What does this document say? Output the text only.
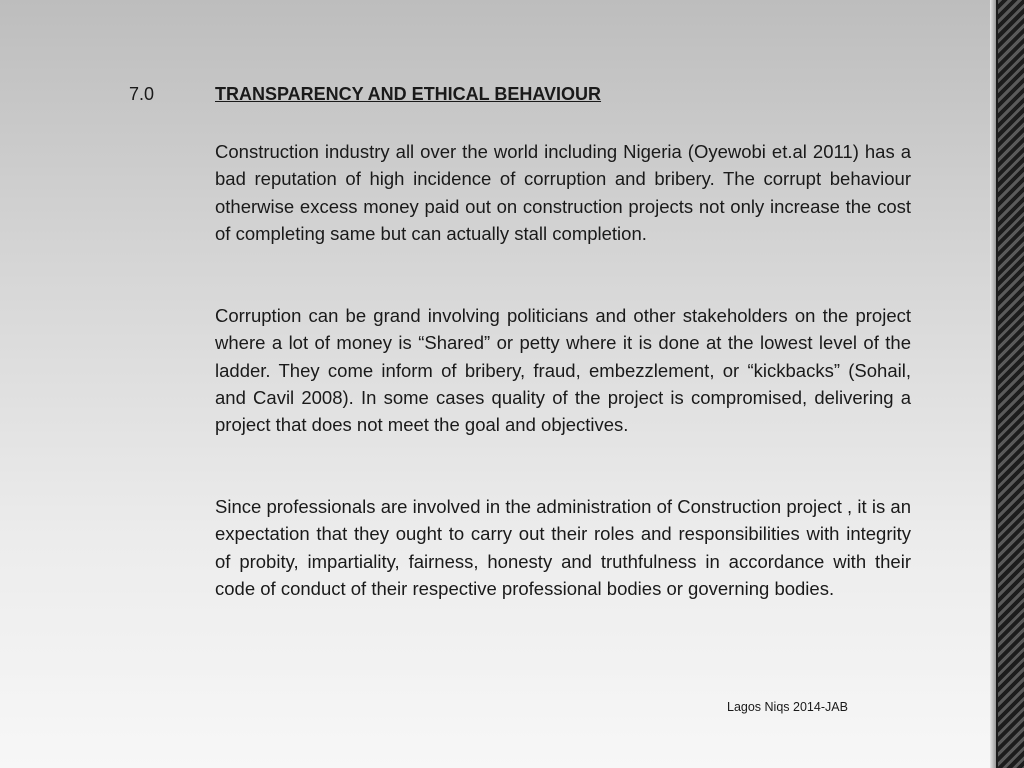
7.0	TRANSPARENCY AND ETHICAL BEHAVIOUR
Construction industry all over the world including Nigeria (Oyewobi et.al 2011) has a bad reputation of high incidence of corruption and bribery. The corrupt behaviour otherwise excess money paid out on construction projects not only increase the cost of completing same but can actually stall completion.
Corruption can be grand involving politicians and other stakeholders on the project where a lot of money is “Shared” or petty where it is done at the lowest level of the ladder. They come inform of bribery, fraud, embezzlement, or “kickbacks” (Sohail, and Cavil 2008). In some cases quality of the project is compromised, delivering a project that does not meet the goal and objectives.
Since professionals are involved in the administration of Construction project , it is an expectation that they ought to carry out their roles and responsibilities with integrity of probity, impartiality, fairness, honesty and truthfulness in accordance with their code of conduct of their respective professional bodies or governing bodies.
Lagos Niqs 2014-JAB
